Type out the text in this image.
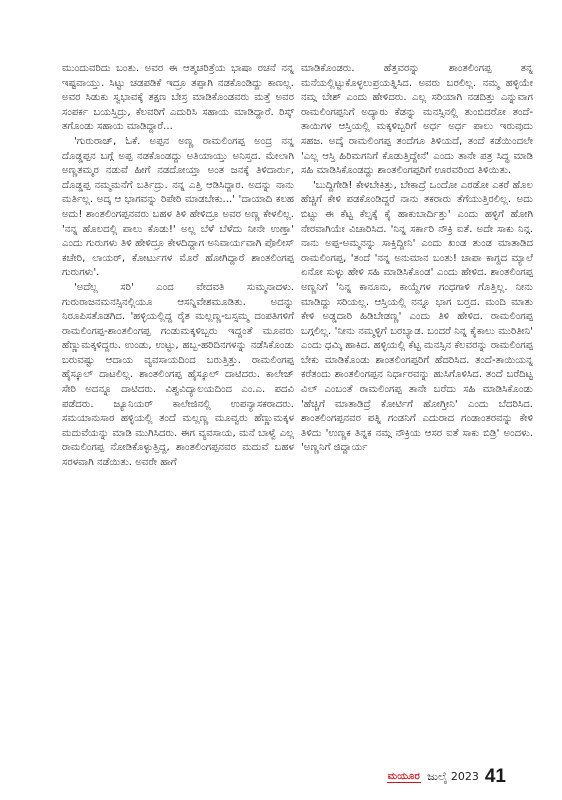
ಮುಂದುವರಿದು ಬಂತು. ಅವರ ಈ ಆತ್ಮಚರಿತ್ರೆಯ ಭಾಷಾ ರಚನೆ ನನ್ನ ಇಷ್ಟವಾಯ್ತು. ಸಿಟ್ಟು ಚಡಪಡಿಕೆ ಇದ್ರೂ ತಪ್ಪಾಗಿ ನಡಕೊಂಡಿದ್ದು ಕಾಣಲ್ಲ. ಅವರ ಸಿಡುಕು ಸ್ವಭಾವಕ್ಕೆ ತಕ್ಷಣ ಬೇಸ್ರ ಮಾಡಿಕೊಂಡವರು ಮತ್ತೆ ಅವರ ಸಂಪರ್ಕ ಬಯಸ್ತಿದ್ರು, ಕೆಲವರಿಗೆ ಎದುರಿಸಿ ಸಹಾಯ ಮಾಡಿದ್ದಾರೆ. ರಿಸ್ಕ್ ತಗೊಂಡು ಸಹಾಯ ಮಾಡಿದ್ದಾರೆ...

'ಗುರುರಾಜ್, ಓಕೆ. ಅಪ್ಪನ ಅಣ್ಣ ರಾಮಲಿಂಗಪ್ಪ ಅಂದ್ರ ನನ್ನ ದೊಡ್ಡಪ್ಪನ ಬಗ್ಗೆ ಅಪ್ಪ ನಡಕೊಂಡದ್ದು ಅತಿಯಾಯ್ತು ಅನಿಸ್ತದ. ಮೇಲಾಗಿ ಅಣ್ಣತಮ್ಮರ ನಡುವೆ ಹೀಗೆ ನಡದೋಯ್ತಾ ಅಂತ ಜನಕ್ಕೆ ತಿಳಿದಾರ್ರು, ದೊಡ್ಡಪ್ಪ ನಮ್ಮಮನೆಗೆ ಬರ್ತಿದ್ರು. ನನ್ನ ಎತ್ತಿ ಆಡಿಸಿದ್ದಾರ. ಅದನ್ನು ನಾನು ಮರ್ತಿಲ್ಲ. ಅದ್ಕ ಆ ಭಾಗವನ್ನು ರಿಪೇರಿ ಮಾಡಬೇಕು...' 'ದಾಯಾದಿ ಕಲಹ ಅದು! ಶಾಂತಲಿಂಗಪ್ಪನವರು ಬಹಳ ತಿಳಿ ಹೇಳಿದ್ರೂ ಅವರ ಅಣ್ಣ ಕೇಳಲಿಲ್ಲ. 'ನನ್ನ ಹೊಲದಲ್ಲಿ ಪಾಲು ಕೊಡು!' ಅಲ್ಲ ಬೆಳೆ ಬೆಳೆದು ನೀನೇ ಉಣ್ತಾ' ಎಂದು ಗುರುಗಳು ತಿಳಿ ಹೇಳಿದ್ರೂ ಕೇಳದಿದ್ದಾಗ ಅನಿವಾರ್ಯವಾಗಿ ಪೊಲೀಸ್ ಕಚೇರಿ, ಲಾಯರ್, ಕೋರ್ಟುಗಳ ಮೊರೆ ಹೋಗಿದ್ದಾರೆ ಶಾಂತಲಿಂಗಪ್ಪ ಗುರುಗಳು'.

'ಅದೆಲ್ಲ ಸರಿ' ಎಂದ ವೇದವತಿ ಸುಮ್ಮನಾದಳು. ಗುರುರಾಜನಮನಸ್ಸಿನಲ್ಲಿಯೂ ಆಸನ್ನಿವೇಶಮೂಡಿತು. ಅದನ್ನು ನಿರೂಪಿಸತೊಡಗಿದ. 'ಹಳ್ಳಿಯಲ್ಲಿದ್ದ ರೈತ ಮಲ್ಲಣ್ಣ-ಬಸ್ಸಮ್ಮ ದಂಪತಿಗಳಿಗೆ ರಾಮಲಿಂಗಪ್ಪ-ಶಾಂತಲಿಂಗಪ್ಪ ಗಂಡುಮಕ್ಕಳಿಬ್ಬರು ಇದ್ದಂತೆ ಮೂವರು ಹೆಣ್ಣುಮಕ್ಕಳಿದ್ದರು. ಉಂಡು, ಉಟ್ಟು, ಹಬ್ಬ-ಹರಿದಿನಗಳನ್ನು ನಡೆಸಿಕೊಂಡು ಬರುವಷ್ಟು ಆದಾಯ ವ್ಯವಸಾಯದಿಂದ ಬರುತ್ತಿತ್ತು. ರಾಮಲಿಂಗಪ್ಪ ಹೈಸ್ಕೂಲ್ ದಾಟಲಿಲ್ಲ. ಶಾಂತಲಿಂಗಪ್ಪ ಹೈಸ್ಕೂಲ್ ದಾಟಿದರು. ಕಾಲೇಜ್ ಸೇರಿ ಅದನ್ನೂ ದಾಟಿದರು. ವಿಶ್ವವಿದ್ಯಾಲಯದಿಂದ ಎಂ.ಎ. ಪದವಿ ಪಡೆದರು. ಜ್ಯೂನಿಯರ್ ಕಾಲೇಜಿನಲ್ಲಿ ಉಪನ್ಯಾಸಕರಾದರು. ಸಮಯಾನುಸಾರ ಹಳ್ಳಿಯಲ್ಲಿ ತಂದೆ ಮಲ್ಲಣ್ಣ ಮೂವ್ವರು ಹೆಣ್ಣುಮಕ್ಕಳ ಮದುವೆಯನ್ನು ಮಾಡಿ ಮುಗಿಸಿದರು. ಈಗ ವ್ಯವಸಾಯ, ಮನೆ ಬಾಳ್ವೆ ಎಲ್ಲ ರಾಮಲಿಂಗಪ್ಪ ನೋಡಿಕೊಳ್ಳುತ್ತಿದ್ದ, ಶಾಂತಲಿಂಗಪ್ಪನವರ ಮದುವೆ ಬಹಳ ಸರಳವಾಗಿ ನಡೆಯಿತು. ಅವರೇ ಹಾಗೆ

ಮಾಡಿಕೊಂಡರು. ಹೆತ್ತವರನ್ನು ಶಾಂತಲಿಂಗಪ್ಪ ತನ್ನ ಮನೆಯಲ್ಲಿಟ್ಟುಕೊಳ್ಳಲುಪ್ರಯತ್ನಿಸಿದ. ಅವರು ಬರಲಿಲ್ಲ. ನಮ್ಮ ಹಳ್ಳಿಯೇ ನಮ್ಗ ಬೇಶ್ ಎಂದು ಹೇಳಿದರು. ಎಲ್ಲ ಸರಿಯಾಗಿ ನಡದಿತ್ತು ಎನ್ನುವಾಗ ರಾಮಲಿಂಗಪ್ಪನಿಗೆ ಅದ್ಯಾರು ಕೆಡನ್ನು ಮನಸ್ಸಿನಲ್ಲಿ ತುಂಬಿದರೋ ತಂದೆ-ತಾಯಿಗಳ ಆಸ್ತಿಯಲ್ಲಿ ಮಕ್ಕಳಿಬ್ಬರಿಗೆ ಅರ್ಧ ಅರ್ಧ ಪಾಲು ಇರುವುದು ಸಹಜ. ಅದ್ಕೆ ರಾಮಲಿಂಗಪ್ಪ ತಂದೆಗೂ ತಿಳಿಯದೆ, ತಂದೆ ಕಡೆಯಿಂದಲೇ 'ಎಲ್ಲ ಆಸ್ತಿ ಹಿರಿಮಗನಿಗೆ ಕೊಡುತ್ತಿದ್ದೇನೆ' ಎಂದು ತಾನೇ ಪತ್ರ ಸಿದ್ಧ ಮಾಡಿ ಸಹಿ ಮಾಡಿಸಿಕೊಂಡದ್ದು ಶಾಂತಲಿಂಗಪ್ಪರಿಗೆ ಊರವರಿಂದ ತಿಳಿಯಿತು.

'ಬುದ್ದಿಗೇಡಿ! ಕೇಳಬೇಕಿತ್ತು, ಬೇಕಾದ್ರೆ ಒಂದೋ ಎರಡೋ ಎಕರೆ ಹೊಲ ಹೆಚ್ಚಿಗೆ ಕೇಳಿ ಪಡಕೊಂಡಿದ್ದರೆ ನಾನು ತಕರಾರು ತೆಗೆಯುತ್ತಿರಲಿಲ್ಲ. ಅದು ಬಿಟ್ಟು ಈ ಕೆಟ್ಟ ಕೆಲ್ಸಕ್ಕೆ ಕೈ ಹಾಕುಬಾರ್ದಿತ್ತು' ಎಂದು ಹಳ್ಳಿಗೆ ಹೋಗಿ ನೇರವಾಗಿಯೇ ವಿಚಾರಿಸಿದ. 'ನಿನ್ನ ಸರ್ಕಾರಿ ನೌಕ್ರಿ ಐತೆ. ಅದೇ ಸಾಕು ನಿನ್ಗ. ನಾನು ಅಪ್ಪ-ಅಮ್ಮನನ್ನು ಸಾಕ್ತಿದ್ದೀನಿ' ಎಂದು ಖಂಡ ತುಂಡ ಮಾತಾಡಿದ ರಾಮಲಿಂಗಪ್ಪ, 'ತಂದೆ 'ನನ್ನ ಅನುಮಾನ ಬಂತು! ಚಾಪಾ ಕಾಗ್ದದ ಮ್ಯಾಲೆ ಏನೋ ಸುಳ್ಳು ಹೇಳಿ ಸಹಿ ಮಾಡಿಸಿಕೊಂಡ' ಎಂದು ಹೇಳಿದ. ಶಾಂತಲಿಂಗಪ್ಪ ಅಣ್ಣನಿಗೆ 'ನಿನ್ನ ಕಾನೂನು, ಕಾಯ್ದೆಗಳ ಗಂಧಗಾಳಿ ಗೊತ್ತಿಲ್ಲ. ನೀನು ಮಾಡಿದ್ದು ಸರಿಯಲ್ಲ. ಆಸ್ತಿಯಲ್ಲಿ ನನ್ನೂ ಭಾಗ ಬರ್‍ತದ. ಮಂದಿ ಮಾತು ಕೇಳಿ ಅಡ್ಡದಾರಿ ಹಿಡಿಬೇಡಣ್ಣ' ಎಂದು ತಿಳಿ ಹೇಳಿದ. ರಾಮಲಿಂಗಪ್ಪ ಬಗ್ಗಲಿಲ್ಲ. 'ನೀನು ನಮ್ಮಳ್ಳಿಗೆ ಬರಬ್ಯಾಡ. ಬಂದರೆ ನಿನ್ನ ಕೈಕಾಲು ಮುರಿತೀನಿ' ಎಂದು ಧಮ್ಕಿ ಹಾಕಿದ. ಹಳ್ಳಿಯಲ್ಲಿ ಕೆಟ್ಟ ಮನಸ್ಸಿನ ಕೆಲವರನ್ನು ರಾಮಲಿಂಗಪ್ಪ ಬೇಕು ಮಾಡಿಕೊಂಡು ಶಾಂತಲಿಂಗಪ್ಪರಿಗೆ ಹೆದರಿಸಿದ. ತಂದೆ-ತಾಯಿಯನ್ನ ಕರೆತಂದು ಶಾಂತಲಿಂಗಪ್ಪನ ನಿರ್ಧಾರವನ್ನು ಹುಸಿಗೊಳಿಸಿದ. ತಂದೆ ಬರೆದಿಟ್ಟ ವಿಲ್ ಎಂಬಂತೆ ರಾಮಲಿಂಗಪ್ಪ ತಾನೇ ಬರೆದು ಸಹಿ ಮಾಡಿಸಿಕೊಂಡು 'ಹೆಚ್ಚಿಗೆ ಮಾತಾಡಿದ್ರೆ ಕೋರ್ಟಿಗೆ ಹೋಗ್ತೀನಿ' ಎಂದು ಬೆದರಿಸಿದ. ಶಾಂತಲಿಂಗಪ್ಪನವರ ಪತ್ನಿ ಗಂಡನಿಗೆ ಎದುರಾದ ಗಂಡಾಂತರವನ್ನು ಕೇಳಿ ತಿಳಿದು 'ಉಣ್ಣಕ ತಿನ್ನಕ ನಮ್ಗ ನೌಕ್ರಿಯ ಆಸರ ಐತೆ ಸಾಕು ಬಿಡ್ರಿ' ಅಂದಳು. 'ಅಣ್ಣನಿಗೆ ಜಿದ್ದಾರ್ಯ

ಮಯೂರ ಜುಲೈ 2023 41
